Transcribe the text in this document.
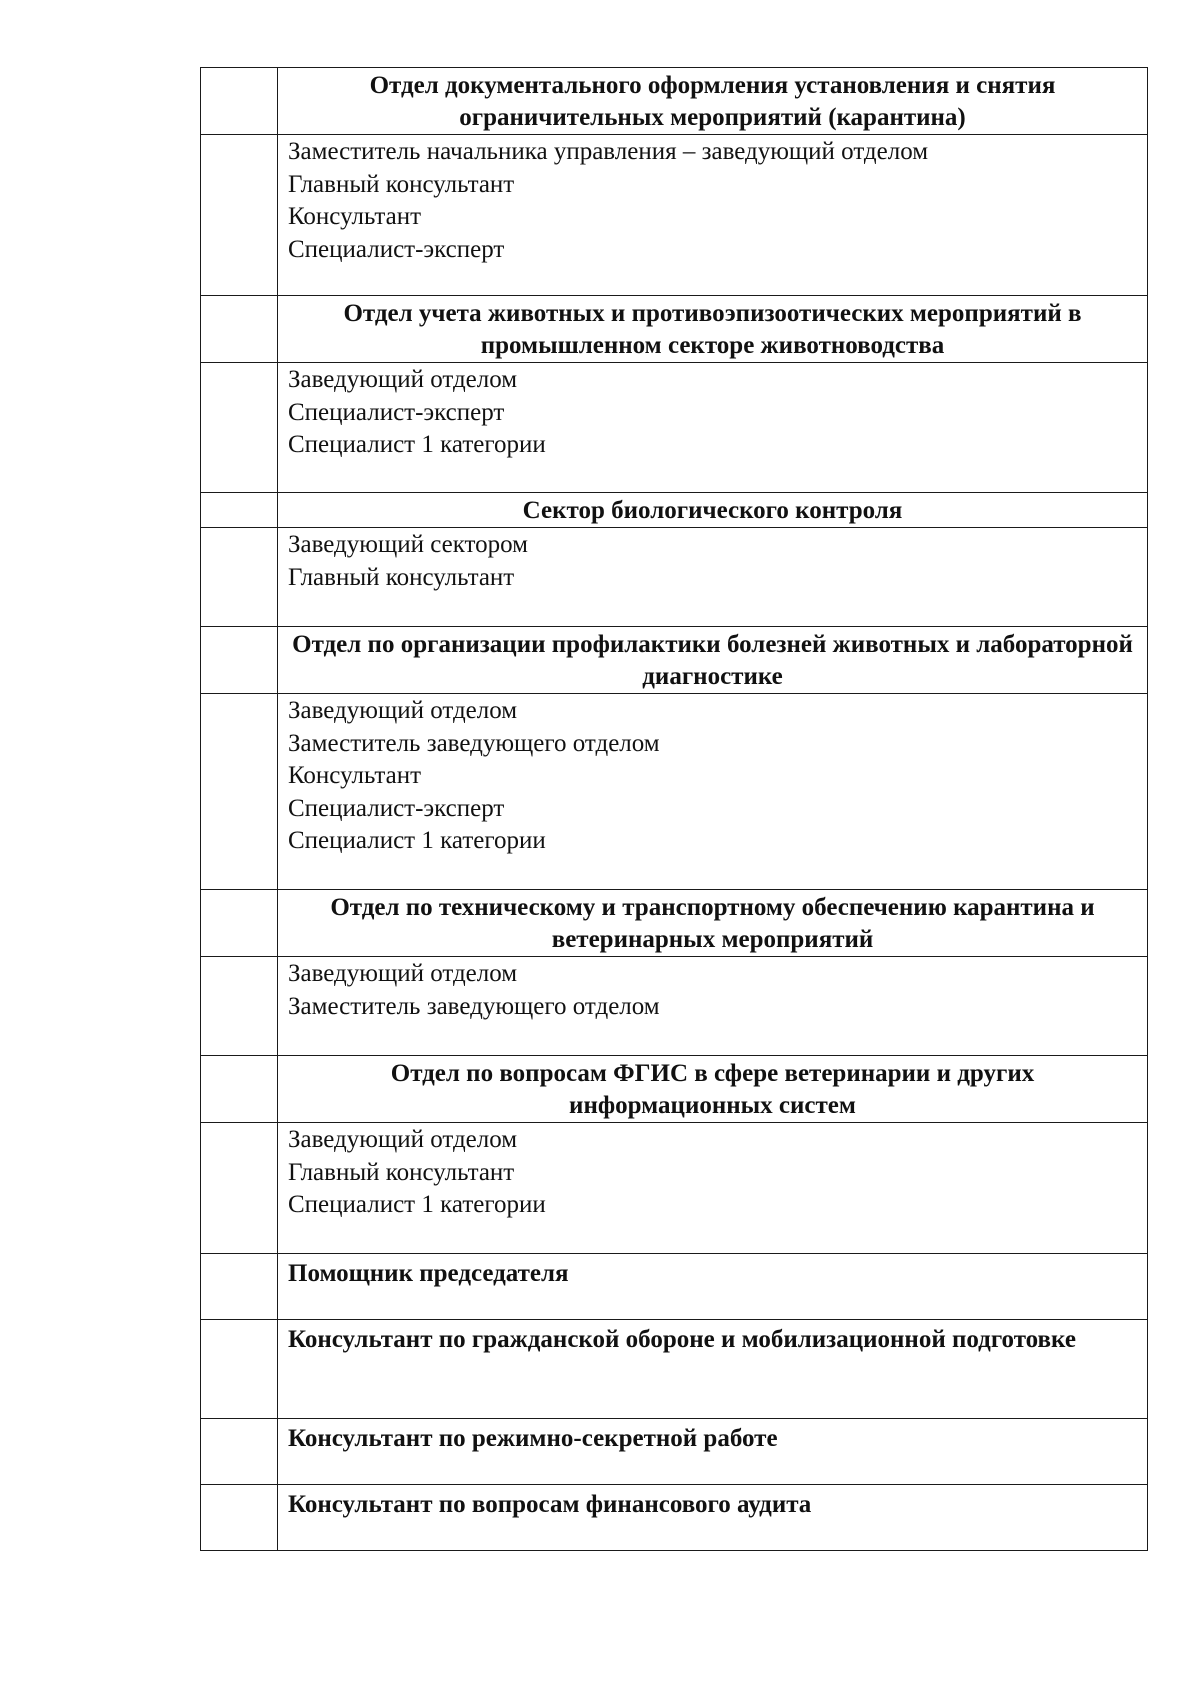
	Отдел документального оформления установления и снятия ограничительных мероприятий (карантина)

	Заместитель начальника управления – заведующий отделом
Главный консультант
Консультант
Специалист-эксперт

	Отдел учета животных и противоэпизоотических мероприятий в промышленном секторе животноводства

	Заведующий отделом
Специалист-эксперт
Специалист 1 категории

	Сектор биологического контроля

	Заведующий сектором
Главный консультант

	Отдел по организации профилактики болезней животных и лабораторной диагностике

	Заведующий отделом
Заместитель заведующего отделом
Консультант
Специалист-эксперт
Специалист 1 категории

	Отдел по техническому и транспортному обеспечению карантина и ветеринарных мероприятий

	Заведующий отделом
Заместитель заведующего отделом

	Отдел по вопросам ФГИС в сфере ветеринарии и других информационных систем

	Заведующий отделом
Главный консультант
Специалист 1 категории

	Помощник председателя

	Консультант по гражданской обороне и мобилизационной подготовке

	Консультант по режимно-секретной работе

	Консультант по вопросам финансового аудита
